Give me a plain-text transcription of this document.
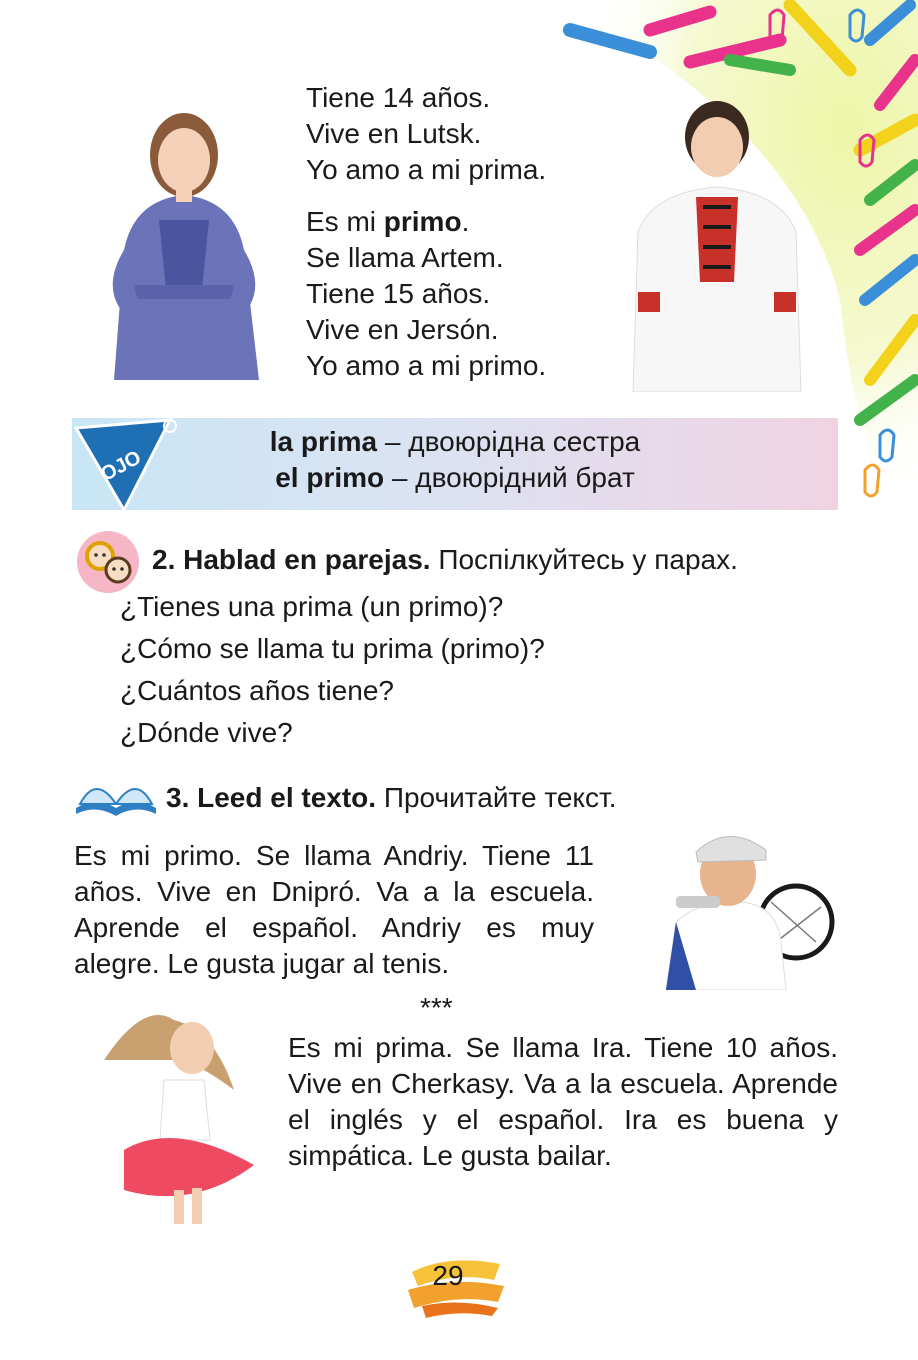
Tiene 14 años.
Vive en Lutsk.
Yo amo a mi prima.
Es mi primo.
Se llama Artem.
Tiene 15 años.
Vive en Jersón.
Yo amo a mi primo.
OJO
la prima – двоюрідна сестра
el primo – двоюрідний брат
2. Hablad en parejas. Поспілкуйтесь у парах.
¿Tienes una prima (un primo)?
¿Cómo se llama tu prima (primo)?
¿Cuántos años tiene?
¿Dónde vive?
3. Leed el texto. Прочитайте текст.
Es mi primo. Se llama Andriy. Tiene 11 años. Vive en Dnipró. Va a la escuela. Aprende el español. Andriy es muy alegre. Le gusta jugar al tenis.
***
Es mi prima. Se llama Ira. Tiene 10 años. Vive en Cherkasy. Va a la escuela. Aprende el inglés y el español. Ira es buena y simpática. Le gusta bailar.
29
